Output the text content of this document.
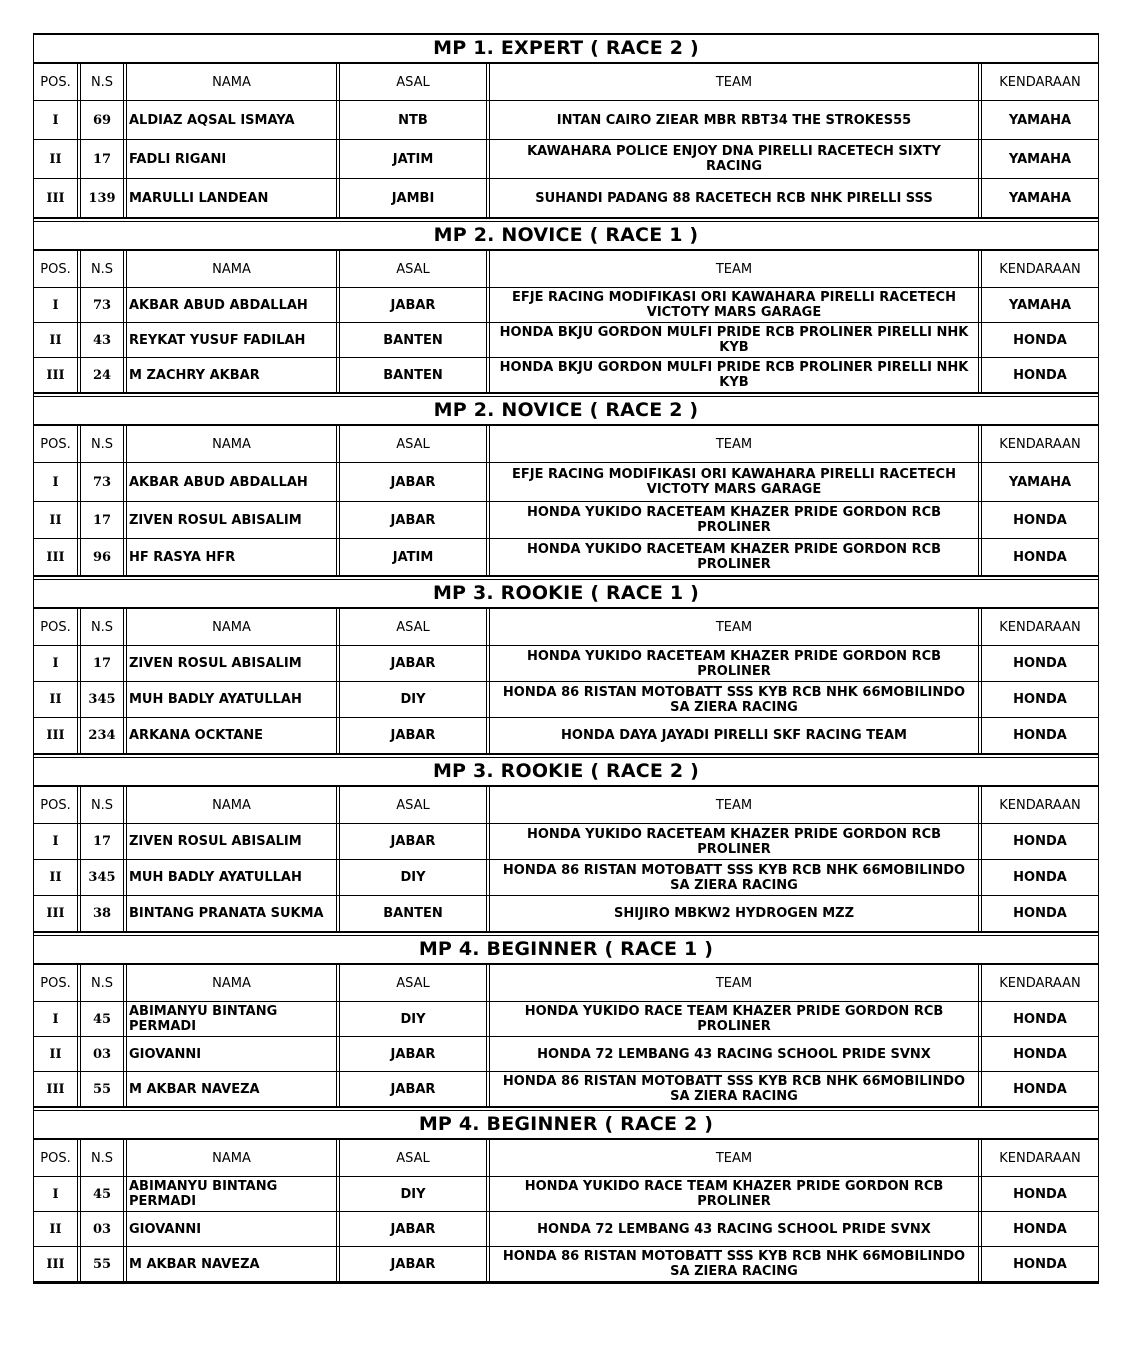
MP 1. EXPERT ( RACE 2 )
POS.	N.S	NAMA	ASAL	TEAM	KENDARAAN
I	69	ALDIAZ AQSAL ISMAYA	NTB	INTAN CAIRO ZIEAR MBR RBT34 THE STROKES55	YAMAHA
II	17	FADLI RIGANI	JATIM	KAWAHARA POLICE ENJOY DNA PIRELLI RACETECH SIXTY RACING	YAMAHA
III	139	MARULLI LANDEAN	JAMBI	SUHANDI PADANG 88 RACETECH RCB NHK PIRELLI SSS	YAMAHA
MP 2. NOVICE ( RACE 1 )
POS.	N.S	NAMA	ASAL	TEAM	KENDARAAN
I	73	AKBAR ABUD ABDALLAH	JABAR	EFJE RACING MODIFIKASI ORI KAWAHARA PIRELLI RACETECH VICTOTY MARS GARAGE	YAMAHA
II	43	REYKAT YUSUF FADILAH	BANTEN	HONDA BKJU GORDON MULFI PRIDE RCB PROLINER PIRELLI NHK KYB	HONDA
III	24	M ZACHRY AKBAR	BANTEN	HONDA BKJU GORDON MULFI PRIDE RCB PROLINER PIRELLI NHK KYB	HONDA
MP 2. NOVICE ( RACE 2 )
POS.	N.S	NAMA	ASAL	TEAM	KENDARAAN
I	73	AKBAR ABUD ABDALLAH	JABAR	EFJE RACING MODIFIKASI ORI KAWAHARA PIRELLI RACETECH VICTOTY MARS GARAGE	YAMAHA
II	17	ZIVEN ROSUL ABISALIM	JABAR	HONDA YUKIDO RACETEAM KHAZER PRIDE GORDON RCB PROLINER	HONDA
III	96	HF RASYA HFR	JATIM	HONDA YUKIDO RACETEAM KHAZER PRIDE GORDON RCB PROLINER	HONDA
MP 3. ROOKIE ( RACE 1 )
POS.	N.S	NAMA	ASAL	TEAM	KENDARAAN
I	17	ZIVEN ROSUL ABISALIM	JABAR	HONDA YUKIDO RACETEAM KHAZER PRIDE GORDON RCB PROLINER	HONDA
II	345	MUH BADLY AYATULLAH	DIY	HONDA 86 RISTAN MOTOBATT SSS KYB RCB NHK 66MOBILINDO SA ZIERA RACING	HONDA
III	234	ARKANA OCKTANE	JABAR	HONDA DAYA JAYADI PIRELLI SKF RACING TEAM	HONDA
MP 3. ROOKIE ( RACE 2 )
POS.	N.S	NAMA	ASAL	TEAM	KENDARAAN
I	17	ZIVEN ROSUL ABISALIM	JABAR	HONDA YUKIDO RACETEAM KHAZER PRIDE GORDON RCB PROLINER	HONDA
II	345	MUH BADLY AYATULLAH	DIY	HONDA 86 RISTAN MOTOBATT SSS KYB RCB NHK 66MOBILINDO SA ZIERA RACING	HONDA
III	38	BINTANG PRANATA SUKMA	BANTEN	SHIJIRO MBKW2 HYDROGEN MZZ	HONDA
MP 4. BEGINNER ( RACE 1 )
POS.	N.S	NAMA	ASAL	TEAM	KENDARAAN
I	45	ABIMANYU BINTANG PERMADI	DIY	HONDA YUKIDO RACE TEAM KHAZER PRIDE GORDON RCB PROLINER	HONDA
II	03	GIOVANNI	JABAR	HONDA 72 LEMBANG 43 RACING SCHOOL PRIDE SVNX	HONDA
III	55	M AKBAR NAVEZA	JABAR	HONDA 86 RISTAN MOTOBATT SSS KYB RCB NHK 66MOBILINDO SA ZIERA RACING	HONDA
MP 4. BEGINNER ( RACE 2 )
POS.	N.S	NAMA	ASAL	TEAM	KENDARAAN
I	45	ABIMANYU BINTANG PERMADI	DIY	HONDA YUKIDO RACE TEAM KHAZER PRIDE GORDON RCB PROLINER	HONDA
II	03	GIOVANNI	JABAR	HONDA 72 LEMBANG 43 RACING SCHOOL PRIDE SVNX	HONDA
III	55	M AKBAR NAVEZA	JABAR	HONDA 86 RISTAN MOTOBATT SSS KYB RCB NHK 66MOBILINDO SA ZIERA RACING	HONDA
